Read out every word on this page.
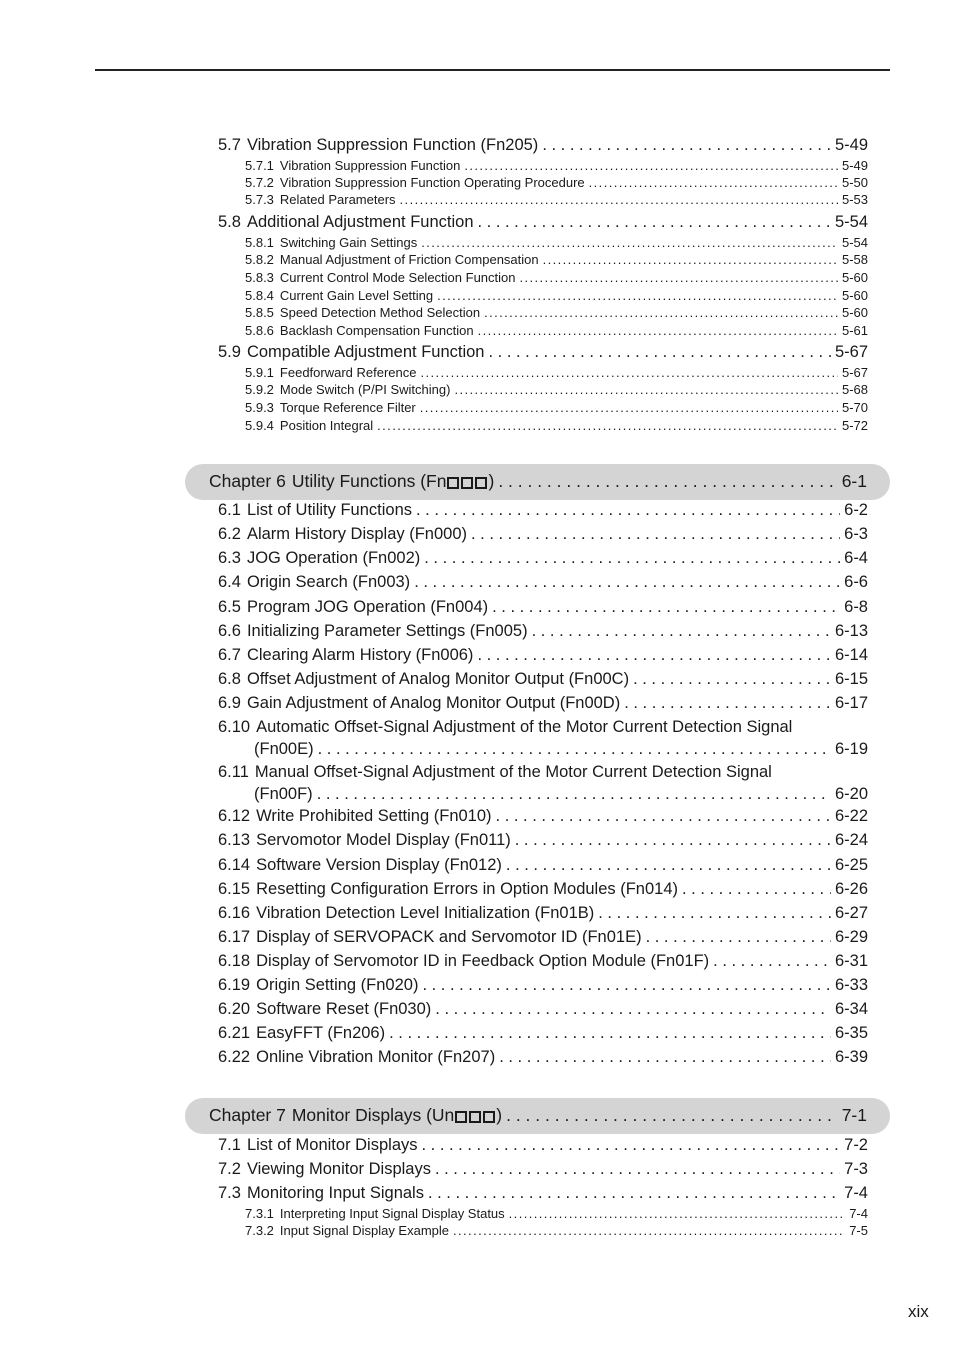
5.7 Vibration Suppression Function (Fn205) . . .	5-49
5.7.1 Vibration Suppression Function .....	5-49
5.7.2 Vibration Suppression Function Operating Procedure .....	5-50
5.7.3 Related Parameters .....	5-53
5.8 Additional Adjustment Function . . .	5-54
5.8.1 Switching Gain Settings .....	5-54
5.8.2 Manual Adjustment of Friction Compensation .....	5-58
5.8.3 Current Control Mode Selection Function .....	5-60
5.8.4 Current Gain Level Setting .....	5-60
5.8.5 Speed Detection Method Selection .....	5-60
5.8.6 Backlash Compensation Function .....	5-61
5.9 Compatible Adjustment Function . . .	5-67
5.9.1 Feedforward Reference .....	5-67
5.9.2 Mode Switch (P/PI Switching) .....	5-68
5.9.3 Torque Reference Filter .....	5-70
5.9.4 Position Integral .....	5-72
Chapter 6 Utility Functions (Fn ) . . .	6-1
6.1 List of Utility Functions . . .	6-2
6.2 Alarm History Display (Fn000) . . .	6-3
6.3 JOG Operation (Fn002) . . .	6-4
6.4 Origin Search (Fn003) . . .	6-6
6.5 Program JOG Operation (Fn004) . . .	6-8
6.6 Initializing Parameter Settings (Fn005) . . .	6-13
6.7 Clearing Alarm History (Fn006) . . .	6-14
6.8 Offset Adjustment of Analog Monitor Output (Fn00C) . . .	6-15
6.9 Gain Adjustment of Analog Monitor Output (Fn00D) . . .	6-17
6.10 Automatic Offset-Signal Adjustment of the Motor Current Detection Signal
(Fn00E) . . .	6-19
6.11 Manual Offset-Signal Adjustment of the Motor Current Detection Signal
(Fn00F) . . .	6-20
6.12 Write Prohibited Setting (Fn010) . . .	6-22
6.13 Servomotor Model Display (Fn011) . . .	6-24
6.14 Software Version Display (Fn012) . . .	6-25
6.15 Resetting Configuration Errors in Option Modules (Fn014) . . .	6-26
6.16 Vibration Detection Level Initialization (Fn01B) . . .	6-27
6.17 Display of SERVOPACK and Servomotor ID (Fn01E) . . .	6-29
6.18 Display of Servomotor ID in Feedback Option Module (Fn01F) . . .	6-31
6.19 Origin Setting (Fn020) . . .	6-33
6.20 Software Reset (Fn030) . . .	6-34
6.21 EasyFFT (Fn206) . . .	6-35
6.22 Online Vibration Monitor (Fn207) . . .	6-39
Chapter 7 Monitor Displays (Un ) . . .	7-1
7.1 List of Monitor Displays . . .	7-2
7.2 Viewing Monitor Displays . . .	7-3
7.3 Monitoring Input Signals . . .	7-4
7.3.1 Interpreting Input Signal Display Status .....	7-4
7.3.2 Input Signal Display Example .....	7-5
xix
